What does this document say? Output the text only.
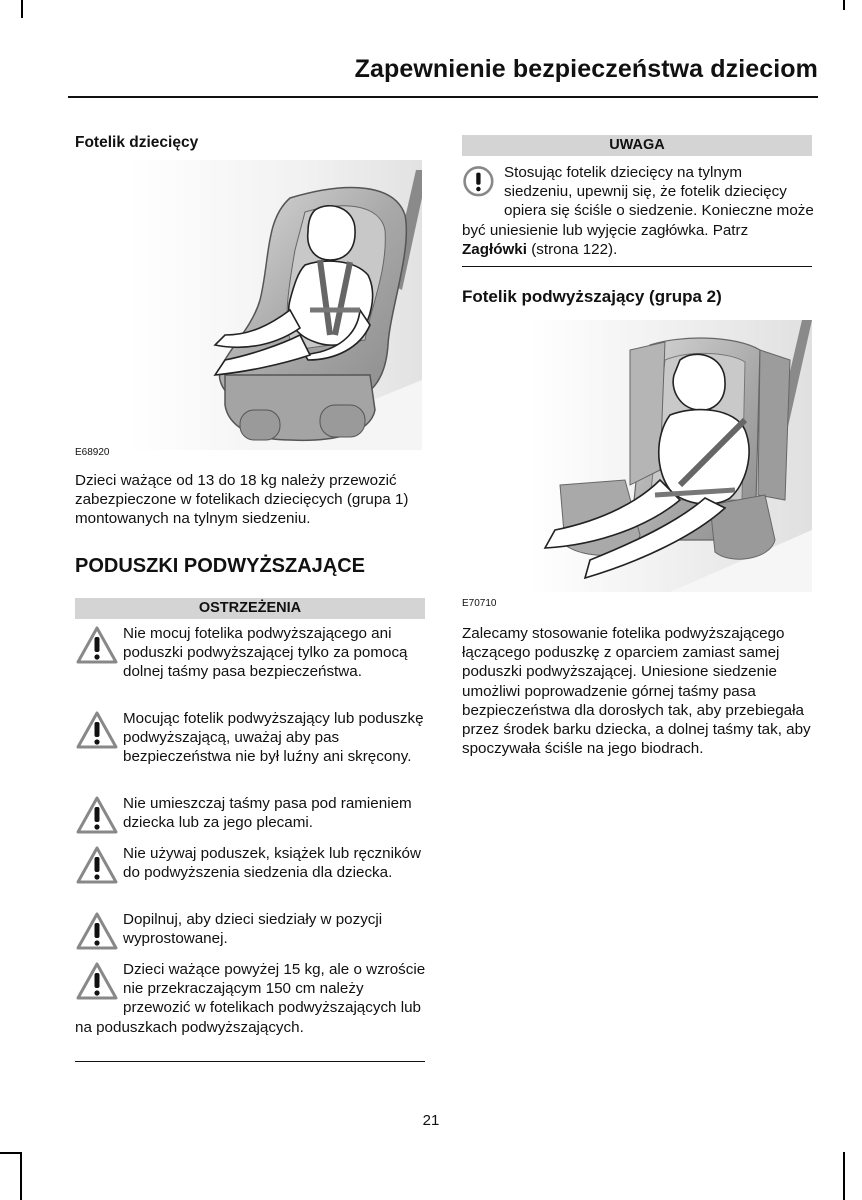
Zapewnienie bezpieczeństwa dzieciom
Fotelik dziecięcy
E68920
Dzieci ważące od 13 do 18 kg należy przewozić zabezpieczone w fotelikach dziecięcych (grupa 1) montowanych na tylnym siedzeniu.
PODUSZKI PODWYŻSZAJĄCE
OSTRZEŻENIA
Nie mocuj fotelika podwyższającego ani poduszki podwyższającej tylko za pomocą dolnej taśmy pasa bezpieczeństwa.
Mocując fotelik podwyższający lub poduszkę podwyższającą, uważaj aby pas bezpieczeństwa nie był luźny ani skręcony.
Nie umieszczaj taśmy pasa pod ramieniem dziecka lub za jego plecami.
Nie używaj poduszek, książek lub ręczników do podwyższenia siedzenia dla dziecka.
Dopilnuj, aby dzieci siedziały w pozycji wyprostowanej.
Dzieci ważące powyżej 15 kg, ale o wzroście nie przekraczającym 150 cm należy przewozić w fotelikach podwyższających lub na poduszkach podwyższających.
UWAGA
Stosując fotelik dziecięcy na tylnym siedzeniu, upewnij się, że fotelik dziecięcy opiera się ściśle o siedzenie. Konieczne może być uniesienie lub wyjęcie zagłówka. Patrz Zagłówki (strona 122).
Fotelik podwyższający (grupa 2)
E70710
Zalecamy stosowanie fotelika podwyższającego łączącego poduszkę z oparciem zamiast samej poduszki podwyższającej. Uniesione siedzenie umożliwi poprowadzenie górnej taśmy pasa bezpieczeństwa dla dorosłych tak, aby przebiegała przez środek barku dziecka, a dolnej taśmy tak, aby spoczywała ściśle na jego biodrach.
21
